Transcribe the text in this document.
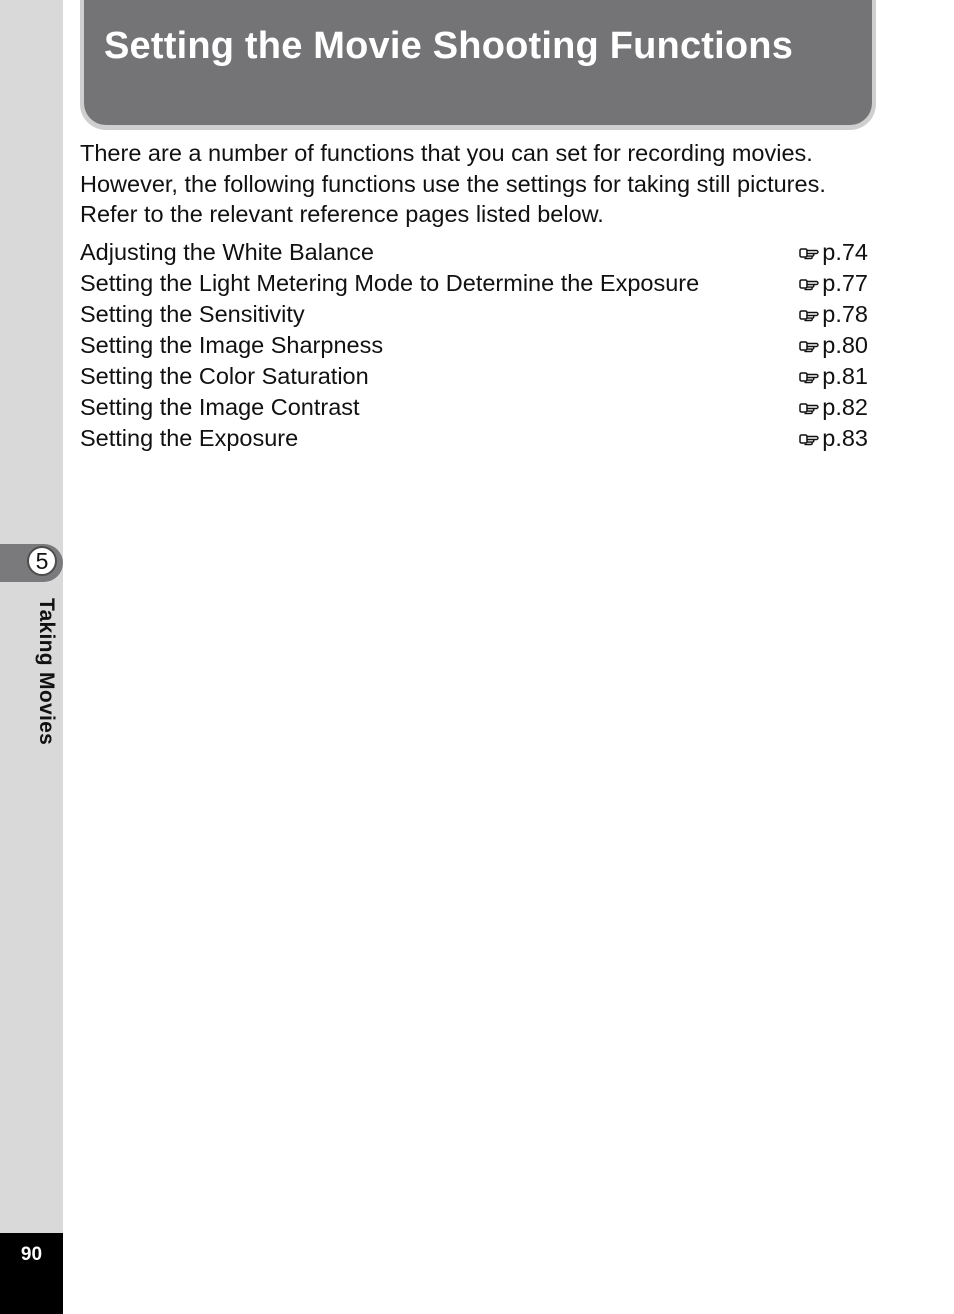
5
Taking Movies
90
Setting the Movie Shooting Functions
There are a number of functions that you can set for recording movies.
However, the following functions use the settings for taking still pictures.
Refer to the relevant reference pages listed below.
Adjusting the White Balance	p.74
Setting the Light Metering Mode to Determine the Exposure	p.77
Setting the Sensitivity	p.78
Setting the Image Sharpness	p.80
Setting the Color Saturation	p.81
Setting the Image Contrast	p.82
Setting the Exposure	p.83
